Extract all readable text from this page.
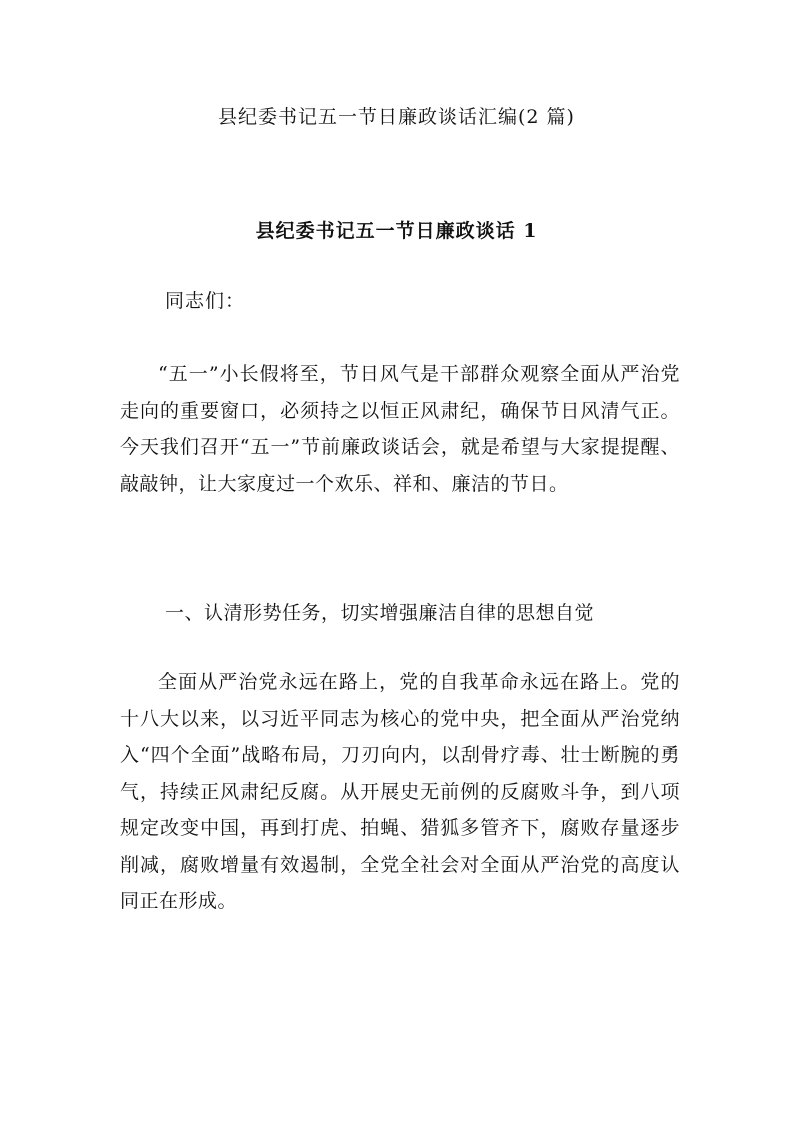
县纪委书记五一节日廉政谈话汇编(2 篇)
县纪委书记五一节日廉政谈话 1
同志们：
“五一”小长假将至，节日风气是干部群众观察全面从严治党走向的重要窗口，必须持之以恒正风肃纪，确保节日风清气正。今天我们召开“五一”节前廉政谈话会，就是希望与大家提提醒、敲敲钟，让大家度过一个欢乐、祥和、廉洁的节日。
一、认清形势任务，切实增强廉洁自律的思想自觉
全面从严治党永远在路上，党的自我革命永远在路上。党的十八大以来，以习近平同志为核心的党中央，把全面从严治党纳入“四个全面”战略布局，刀刃向内，以刮骨疗毒、壮士断腕的勇气，持续正风肃纪反腐。从开展史无前例的反腐败斗争，到八项规定改变中国，再到打虎、拍蝇、猎狐多管齐下，腐败存量逐步削减，腐败增量有效遏制，全党全社会对全面从严治党的高度认同正在形成。
